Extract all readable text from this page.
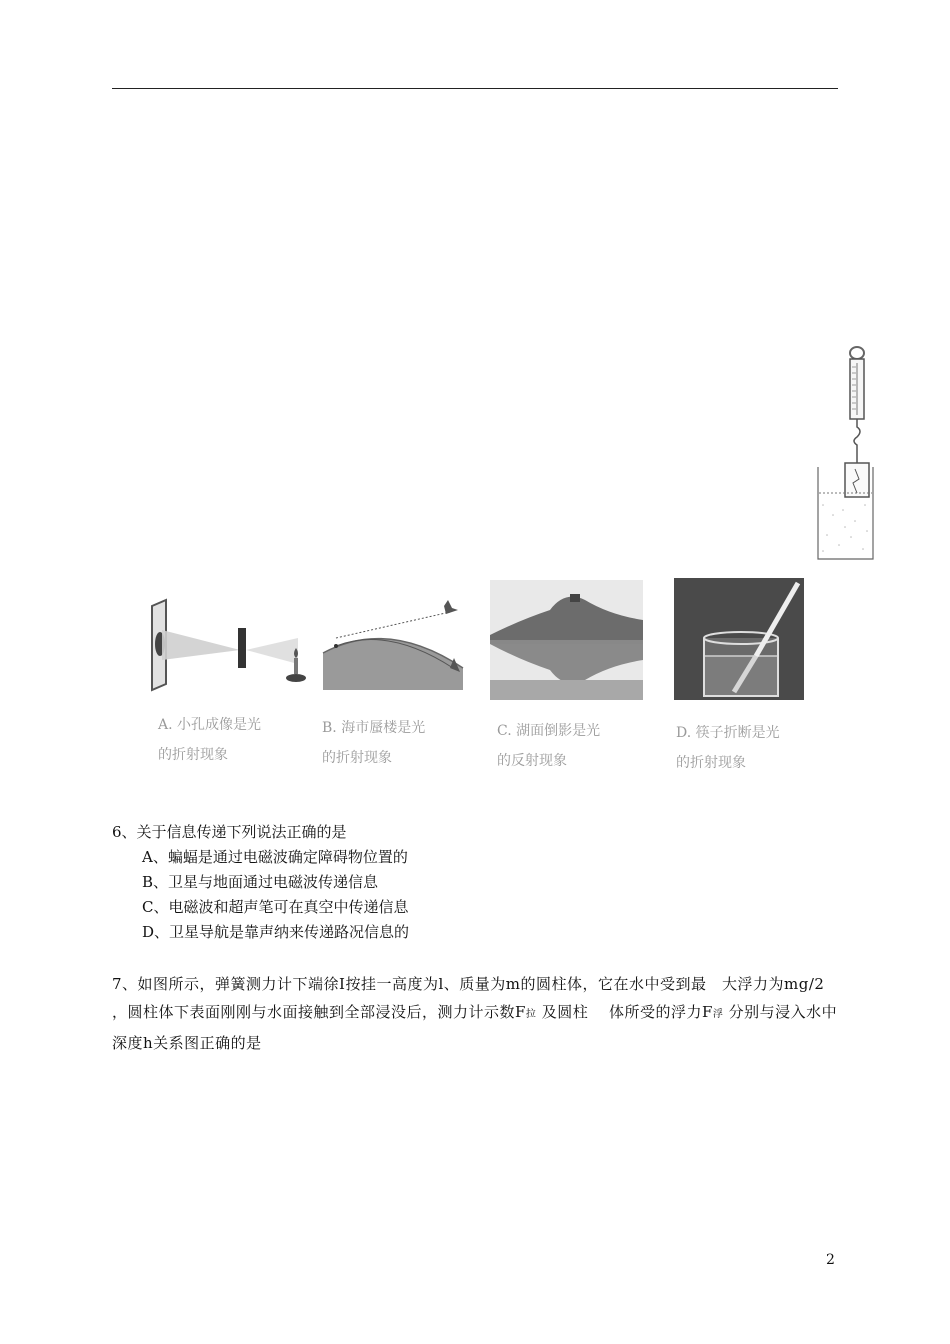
A. 小孔成像是光
的折射现象
B. 海市蜃楼是光
的折射现象
C. 湖面倒影是光
的反射现象
D. 筷子折断是光
的折射现象
6、关于信息传递下列说法正确的是
A、蝙蝠是通过电磁波确定障碍物位置的
B、卫星与地面通过电磁波传递信息
C、电磁波和超声笔可在真空中传递信息
D、卫星导航是靠声纳来传递路况信息的
7、如图所示，弹簧测力计下端徐Ⅰ按挂一高度为l、质量为m的圆柱体，它在水中受到最　大浮力为mg/2 ，圆柱体下表面刚刚与水面接触到全部浸没后，测力计示数F拉 及圆柱　 体所受的浮力F浮 分别与浸入水中深度h关系图正确的是
2
